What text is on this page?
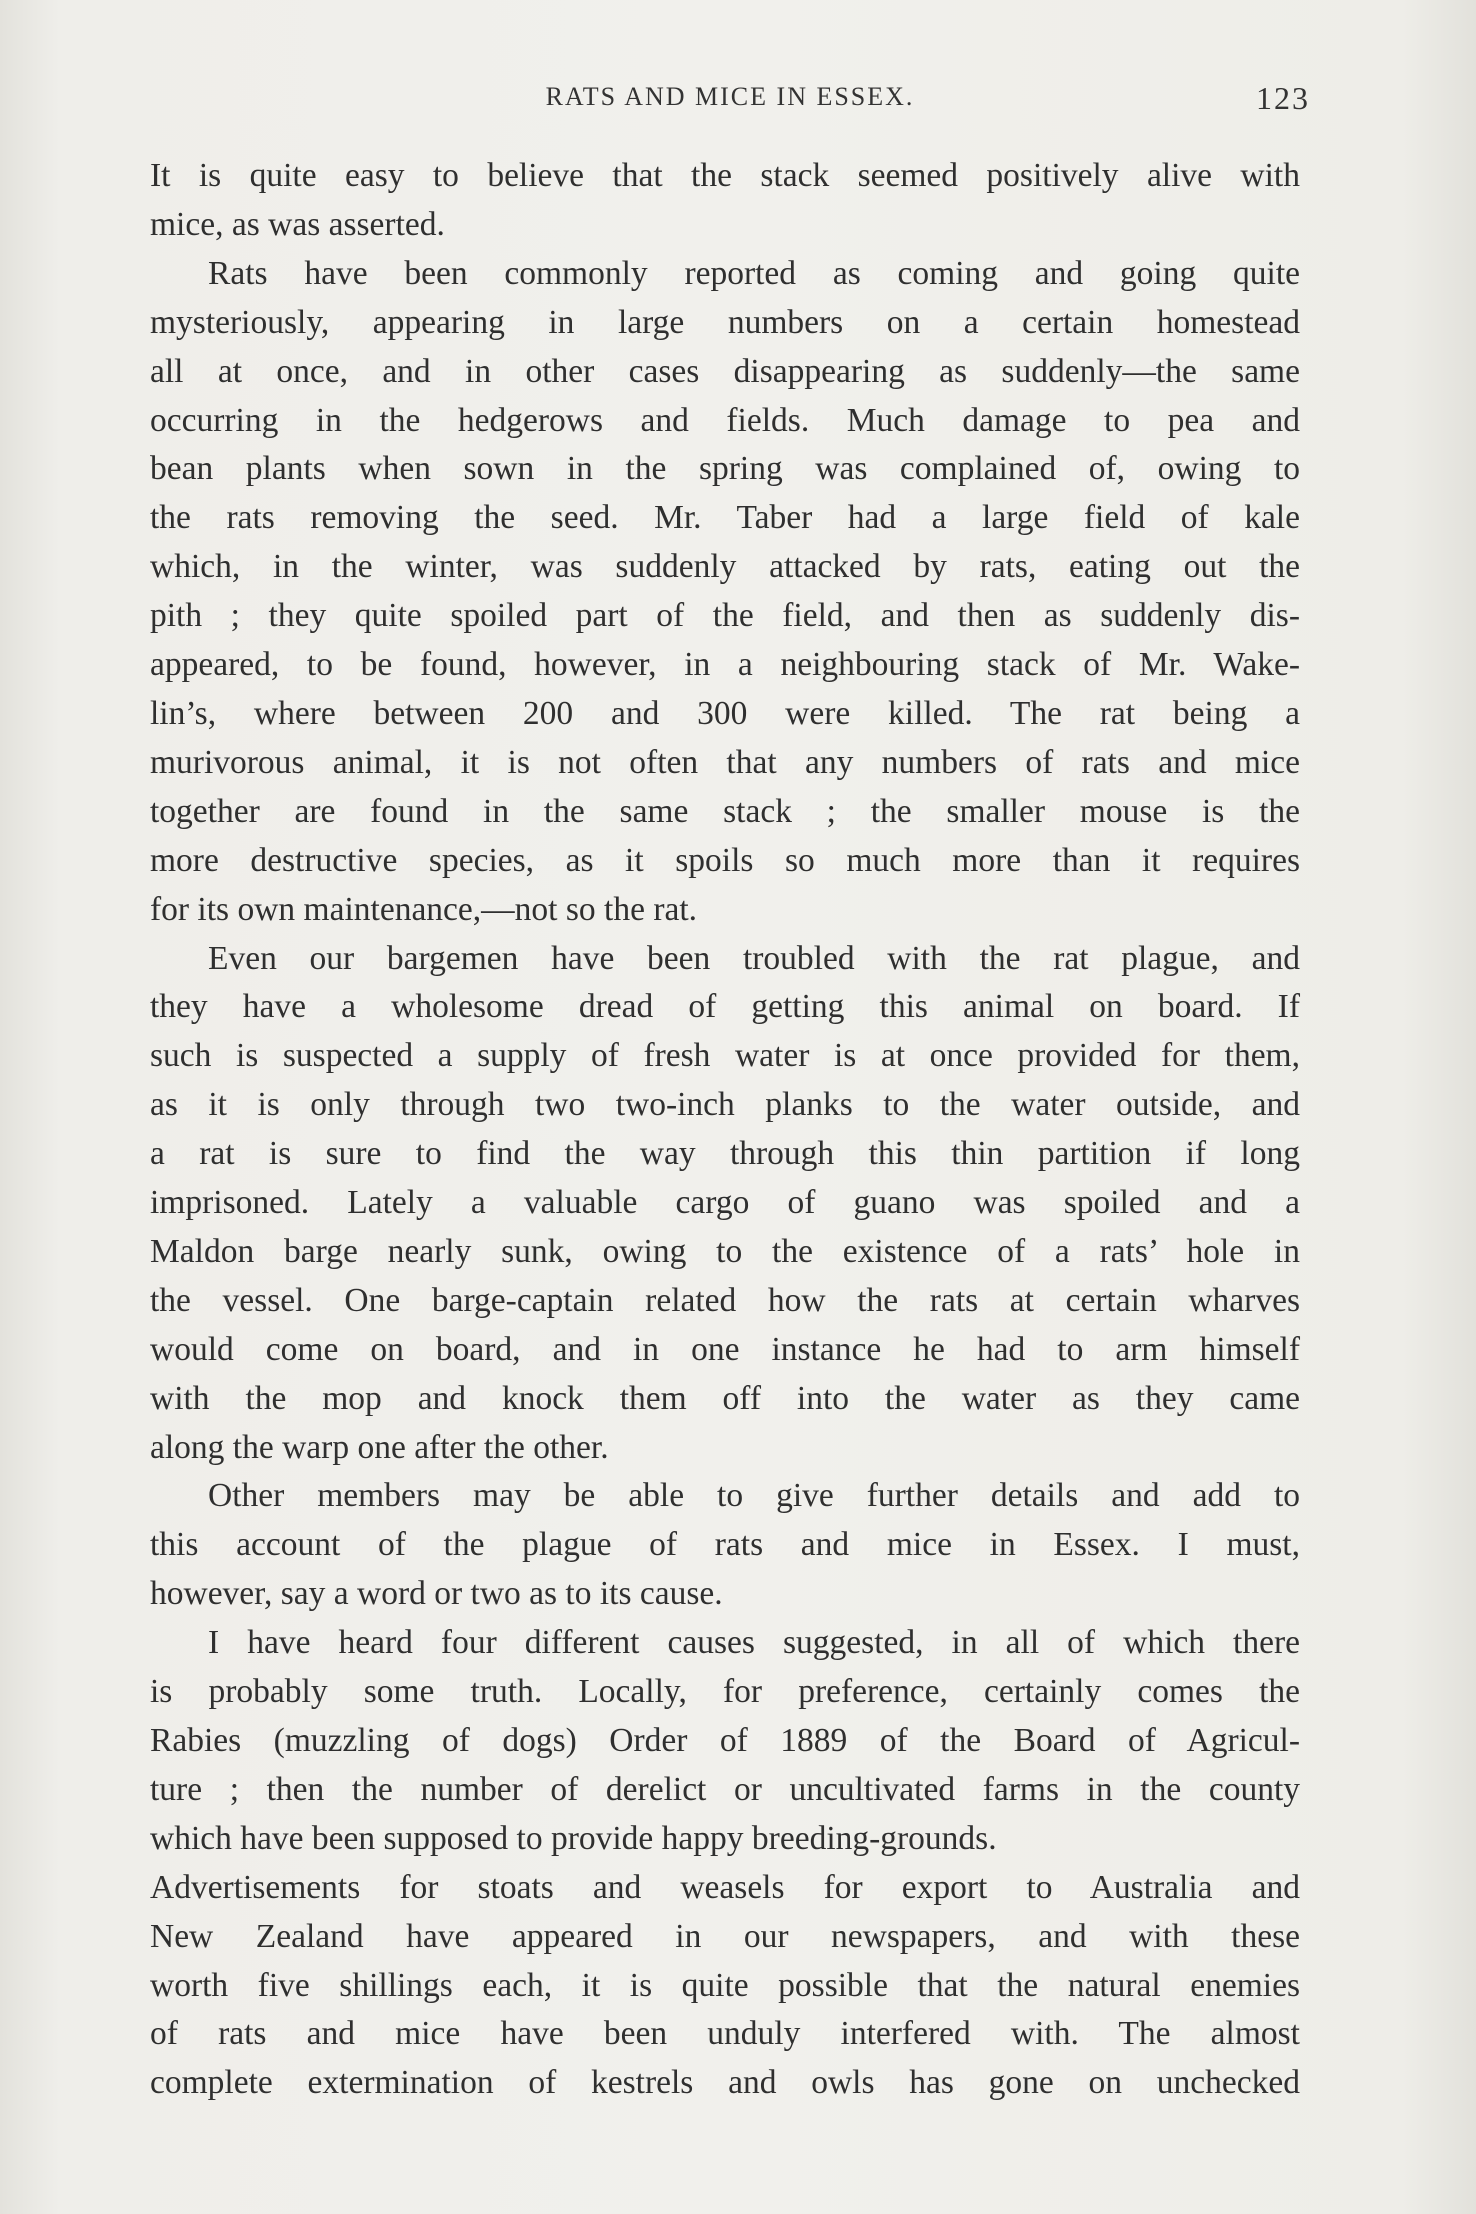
RATS AND MICE IN ESSEX.	123

It is quite easy to believe that the stack seemed positively alive with

mice, as was asserted.

Rats have been commonly reported as coming and going quite

mysteriously, appearing in large numbers on a certain homestead

all at once, and in other cases disappearing as suddenly—the same

occurring in the hedgerows and fields. Much damage to pea and

bean plants when sown in the spring was complained of, owing to

the rats removing the seed. Mr. Taber had a large field of kale

which, in the winter, was suddenly attacked by rats, eating out the

pith ; they quite spoiled part of the field, and then as suddenly dis-

appeared, to be found, however, in a neighbouring stack of Mr. Wake-

lin’s, where between 200 and 300 were killed. The rat being a

murivorous animal, it is not often that any numbers of rats and mice

together are found in the same stack ; the smaller mouse is the

more destructive species, as it spoils so much more than it requires

for its own maintenance,—not so the rat.

Even our bargemen have been troubled with the rat plague, and

they have a wholesome dread of getting this animal on board. If

such is suspected a supply of fresh water is at once provided for them,

as it is only through two two-inch planks to the water outside, and

a rat is sure to find the way through this thin partition if long

imprisoned. Lately a valuable cargo of guano was spoiled and a

Maldon barge nearly sunk, owing to the existence of a rats’ hole in

the vessel. One barge-captain related how the rats at certain wharves

would come on board, and in one instance he had to arm himself

with the mop and knock them off into the water as they came

along the warp one after the other.

Other members may be able to give further details and add to

this account of the plague of rats and mice in Essex. I must,

however, say a word or two as to its cause.

I have heard four different causes suggested, in all of which there

is probably some truth. Locally, for preference, certainly comes the

Rabies (muzzling of dogs) Order of 1889 of the Board of Agricul-

ture ; then the number of derelict or uncultivated farms in the county

which have been supposed to provide happy breeding-grounds.

Advertisements for stoats and weasels for export to Australia and

New Zealand have appeared in our newspapers, and with these

worth five shillings each, it is quite possible that the natural enemies

of rats and mice have been unduly interfered with. The almost

complete extermination of kestrels and owls has gone on unchecked
